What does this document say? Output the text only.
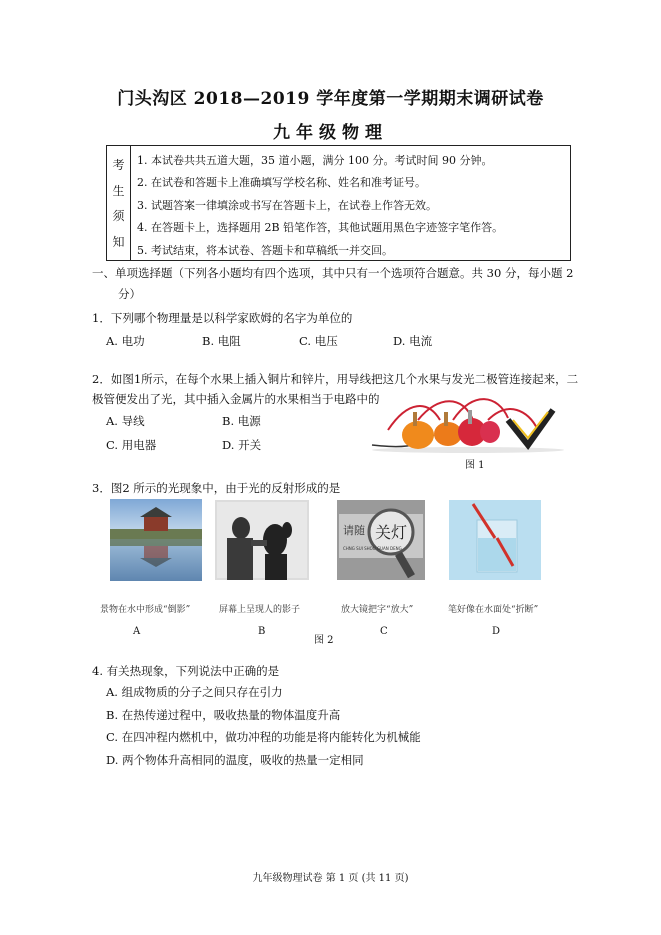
门头沟区 2018—2019 学年度第一学期期末调研试卷
九年级物理
考
生
须
知
1. 本试卷共共五道大题，35 道小题，满分 100 分。考试时间 90 分钟。
2. 在试卷和答题卡上准确填写学校名称、姓名和准考证号。
3. 试题答案一律填涂或书写在答题卡上，在试卷上作答无效。
4. 在答题卡上，选择题用 2B 铅笔作答，其他试题用黑色字迹签字笔作答。
5. 考试结束，将本试卷、答题卡和草稿纸一并交回。
一、单项选择题（下列各小题均有四个选项，其中只有一个选项符合题意。共 30 分，每小题 2
分）
1．下列哪个物理量是以科学家欧姆的名字为单位的
A. 电功	B. 电阻	C. 电压	D. 电流
2．如图1所示，在每个水果上插入铜片和锌片，用导线把这几个水果与发光二极管连接起来，二
极管便发出了光，其中插入金属片的水果相当于电路中的
A. 导线	B. 电源
C. 用电器	D. 开关
图 1
3．图2 所示的光现象中，由于光的反射形成的是
请随 关灯
CHNG SUI SHOU GUAN DENG
景物在水中形成“倒影”	屏幕上呈现人的影子	放大镜把字“放大”	笔好像在水面处“折断”
A	B	C	D
图 2
4. 有关热现象，下列说法中正确的是
A. 组成物质的分子之间只存在引力
B. 在热传递过程中，吸收热量的物体温度升高
C. 在四冲程内燃机中，做功冲程的功能是将内能转化为机械能
D. 两个物体升高相同的温度，吸收的热量一定相同
九年级物理试卷 第 1 页 (共 11 页)
